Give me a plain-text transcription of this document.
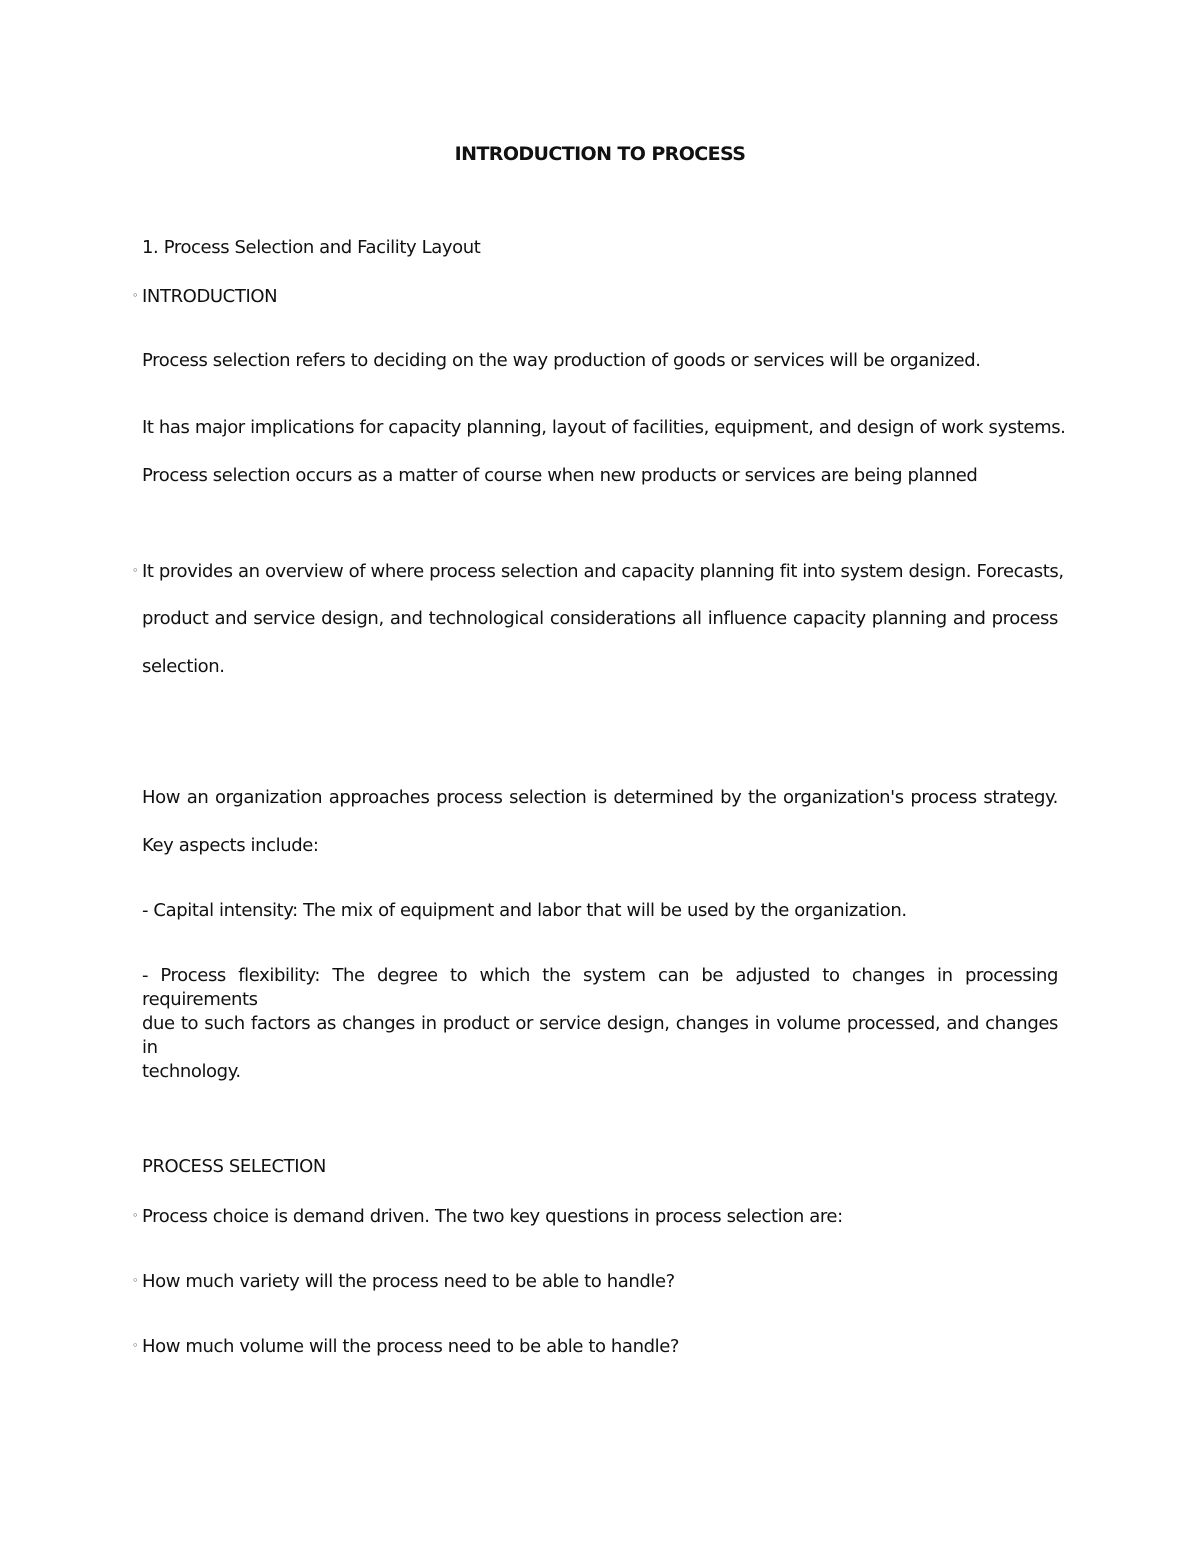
INTRODUCTION TO PROCESS
1. Process Selection and Facility Layout
◦ INTRODUCTION
Process selection refers to deciding on the way production of goods or services will be organized.
It has major implications for capacity planning, layout of facilities, equipment, and design of work systems.
Process selection occurs as a matter of course when new products or services are being planned
◦ It provides an overview of where process selection and capacity planning fit into system design. Forecasts,
product and service design, and technological considerations all influence capacity planning and process
selection.
How an organization approaches process selection is determined by the organization's process strategy.
Key aspects include:
- Capital intensity: The mix of equipment and labor that will be used by the organization.
- Process flexibility: The degree to which the system can be adjusted to changes in processing requirements
due to such factors as changes in product or service design, changes in volume processed, and changes in
technology.
PROCESS SELECTION
◦ Process choice is demand driven. The two key questions in process selection are:
◦ How much variety will the process need to be able to handle?
◦ How much volume will the process need to be able to handle?
